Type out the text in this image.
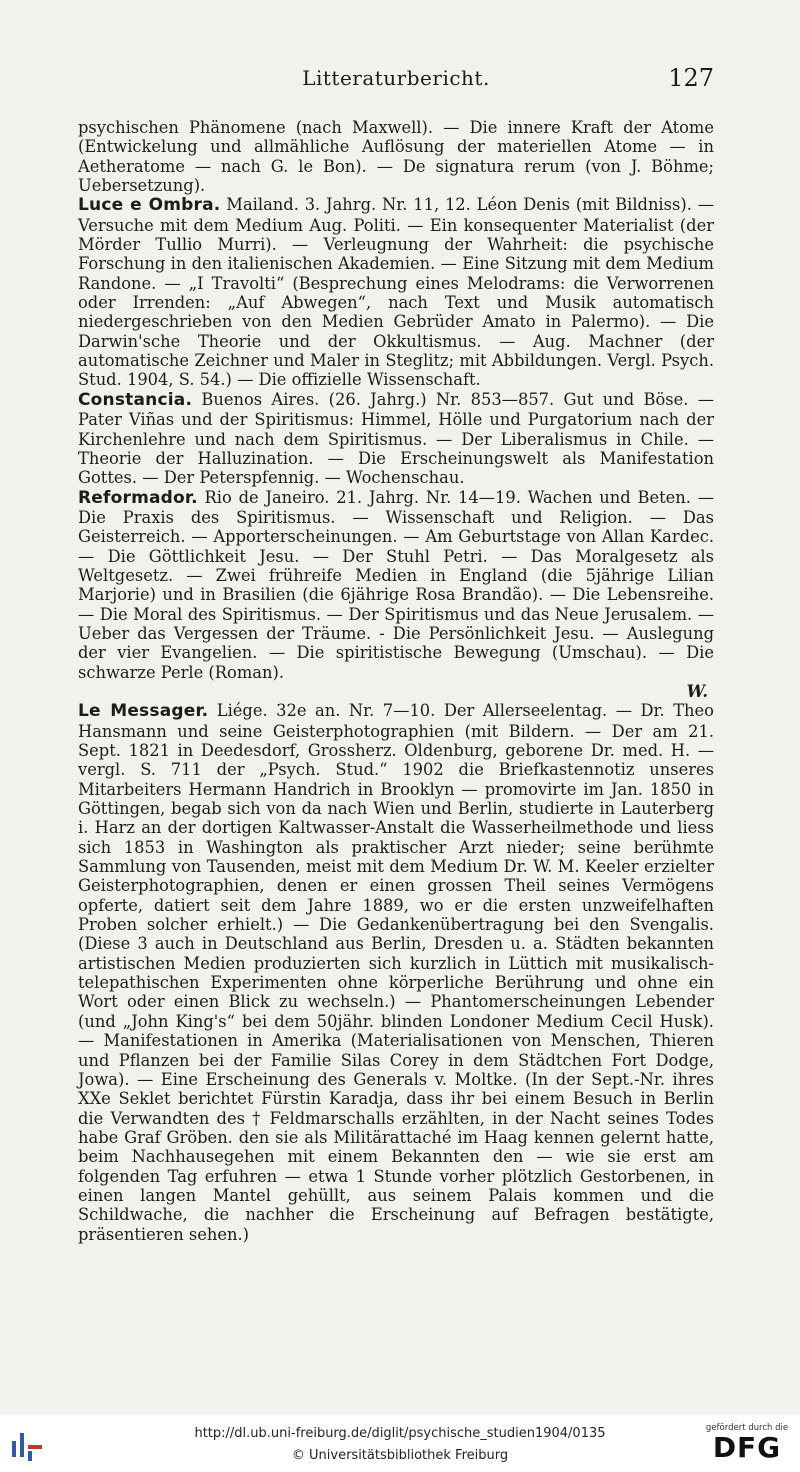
Litteraturbericht.	127

psychischen Phänomene (nach Maxwell). — Die innere Kraft der Atome (Entwickelung und allmähliche Auflösung der materiellen Atome — in Aetheratome — nach G. le Bon). — De signatura rerum (von J. Böhme; Uebersetzung).

Luce e Ombra. Mailand. 3. Jahrg. Nr. 11, 12. Léon Denis (mit Bildniss). — Versuche mit dem Medium Aug. Politi. — Ein konsequenter Materialist (der Mörder Tullio Murri). — Verleugnung der Wahrheit: die psychische Forschung in den italienischen Akademien. — Eine Sitzung mit dem Medium Randone. — „I Travolti“ (Besprechung eines Melodrams: die Verworrenen oder Irrenden: „Auf Abwegen“, nach Text und Musik automatisch niedergeschrieben von den Medien Gebrüder Amato in Palermo). — Die Darwin'sche Theorie und der Okkultismus. — Aug. Machner (der automatische Zeichner und Maler in Steglitz; mit Abbildungen. Vergl. Psych. Stud. 1904, S. 54.) — Die offizielle Wissenschaft.

Constancia. Buenos Aires. (26. Jahrg.) Nr. 853—857. Gut und Böse. — Pater Viñas und der Spiritismus: Himmel, Hölle und Purgatorium nach der Kirchenlehre und nach dem Spiritismus. — Der Liberalismus in Chile. — Theorie der Halluzination. — Die Erscheinungswelt als Manifestation Gottes. — Der Peterspfennig. — Wochenschau.

Reformador. Rio de Janeiro. 21. Jahrg. Nr. 14—19. Wachen und Beten. — Die Praxis des Spiritismus. — Wissenschaft und Religion. — Das Geisterreich. — Apporterscheinungen. — Am Geburtstage von Allan Kardec. — Die Göttlichkeit Jesu. — Der Stuhl Petri. — Das Moralgesetz als Weltgesetz. — Zwei frühreife Medien in England (die 5jährige Lilian Marjorie) und in Brasilien (die 6jährige Rosa Brandão). — Die Lebensreihe. — Die Moral des Spiritismus. — Der Spiritismus und das Neue Jerusalem. — Ueber das Vergessen der Träume. - Die Persönlichkeit Jesu. — Auslegung der vier Evangelien. — Die spiritistische Bewegung (Umschau). — Die schwarze Perle (Roman).
W.

Le Messager. Liége. 32e an. Nr. 7—10. Der Allerseelentag. — Dr. Theo Hansmann und seine Geisterphotographien (mit Bildern. — Der am 21. Sept. 1821 in Deedesdorf, Grossherz. Oldenburg, geborene Dr. med. H. — vergl. S. 711 der „Psych. Stud.“ 1902 die Briefkastennotiz unseres Mitarbeiters Hermann Handrich in Brooklyn — promovirte im Jan. 1850 in Göttingen, begab sich von da nach Wien und Berlin, studierte in Lauterberg i. Harz an der dortigen Kaltwasser-Anstalt die Wasserheilmethode und liess sich 1853 in Washington als praktischer Arzt nieder; seine berühmte Sammlung von Tausenden, meist mit dem Medium Dr. W. M. Keeler erzielter Geisterphotographien, denen er einen grossen Theil seines Vermögens opferte, datiert seit dem Jahre 1889, wo er die ersten unzweifelhaften Proben solcher erhielt.) — Die Gedankenübertragung bei den Svengalis. (Diese 3 auch in Deutschland aus Berlin, Dresden u. a. Städten bekannten artistischen Medien produzierten sich kurzlich in Lüttich mit musikalisch-telepathischen Experimenten ohne körperliche Berührung und ohne ein Wort oder einen Blick zu wechseln.) — Phantomerscheinungen Lebender (und „John King's“ bei dem 50jähr. blinden Londoner Medium Cecil Husk). — Manifestationen in Amerika (Materialisationen von Menschen, Thieren und Pflanzen bei der Familie Silas Corey in dem Städtchen Fort Dodge, Jowa). — Eine Erscheinung des Generals v. Moltke. (In der Sept.-Nr. ihres XXe Seklet berichtet Fürstin Karadja, dass ihr bei einem Besuch in Berlin die Verwandten des † Feldmarschalls erzählten, in der Nacht seines Todes habe Graf Gröben. den sie als Militärattaché im Haag kennen gelernt hatte, beim Nachhausegehen mit einem Bekannten den — wie sie erst am folgenden Tag erfuhren — etwa 1 Stunde vorher plötzlich Gestorbenen, in einen langen Mantel gehüllt, aus seinem Palais kommen und die Schildwache, die nachher die Erscheinung auf Befragen bestätigte, präsentieren sehen.)

http://dl.ub.uni-freiburg.de/diglit/psychische_studien1904/0135
© Universitätsbibliothek Freiburg
gefördert durch die
DFG
